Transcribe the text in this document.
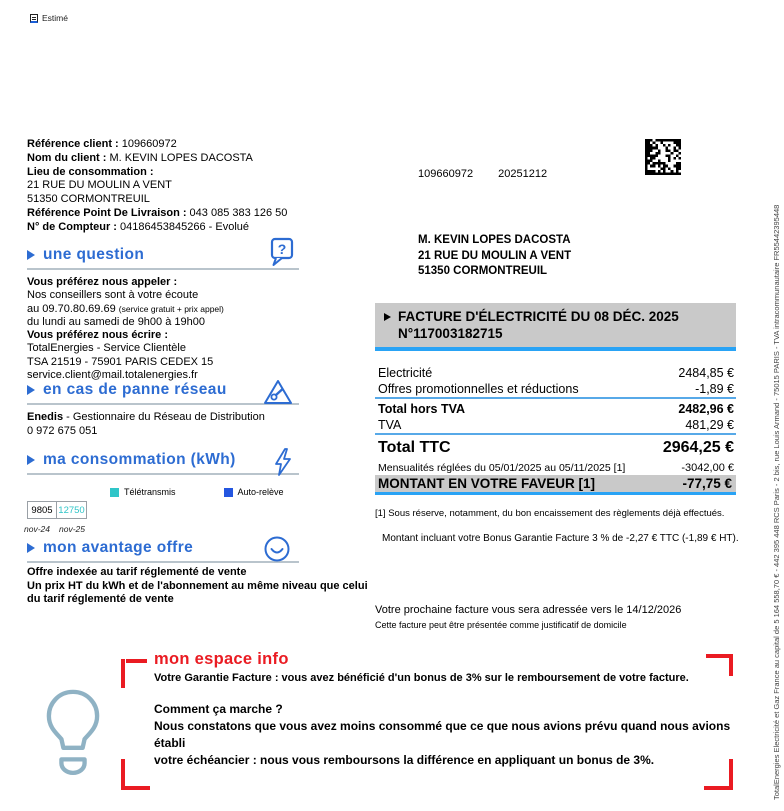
Estimé
Référence client : 109660972
Nom du client : M. KEVIN LOPES DACOSTA
Lieu de consommation :
21 RUE DU MOULIN A VENT
51350 CORMONTREUIL
Référence Point De Livraison : 043 085 383 126 50
N° de Compteur : 04186453845266 - Evolué
une question	?
Vous préférez nous appeler :
Nos conseillers sont à votre écoute
au 09.70.80.69.69 (service gratuit + prix appel)
du lundi au samedi de 9h00 à 19h00
Vous préférez nous écrire :
TotalEnergies - Service Clientèle
TSA 21519 - 75901 PARIS CEDEX 15
service.client@mail.totalenergies.fr
en cas de panne réseau
Enedis - Gestionnaire du Réseau de Distribution
0 972 675 051
ma consommation (kWh)
Télétransmis	Auto-relève
9805 12750
nov-24 nov-25
mon avantage offre
Offre indexée au tarif réglementé de vente
Un prix HT du kWh et de l'abonnement au même niveau que celui
du tarif réglementé de vente
109660972 20251212
M. KEVIN LOPES DACOSTA
21 RUE DU MOULIN A VENT
51350 CORMONTREUIL
FACTURE D'ÉLECTRICITÉ DU 08 DÉC. 2025
N°117003182715
Electricité	2484,85 €
Offres promotionnelles et réductions	-1,89 €
Total hors TVA	2482,96 €
TVA	481,29 €
Total TTC	2964,25 €
Mensualités réglées du 05/01/2025 au 05/11/2025 [1]	-3042,00 €
MONTANT EN VOTRE FAVEUR [1]	-77,75 €
[1] Sous réserve, notamment, du bon encaissement des règlements déjà effectués.
Montant incluant votre Bonus Garantie Facture 3 % de -2,27 € TTC (-1,89 € HT).
Votre prochaine facture vous sera adressée vers le 14/12/2026
Cette facture peut être présentée comme justificatif de domicile
mon espace info
Votre Garantie Facture : vous avez bénéficié d'un bonus de 3% sur le remboursement de votre facture.
Comment ça marche ?
Nous constatons que vous avez moins consommé que ce que nous avions prévu quand nous avions
établi
votre échéancier : nous vous remboursons la différence en appliquant un bonus de 3%.	TotalEnergies Electricité et Gaz France au capital de 5 164 558,70 € - 442 395 448 RCS Paris - 2 bis, rue Louis Armand - 75015 PARIS - TVA intracommunautaire FR55442395448
